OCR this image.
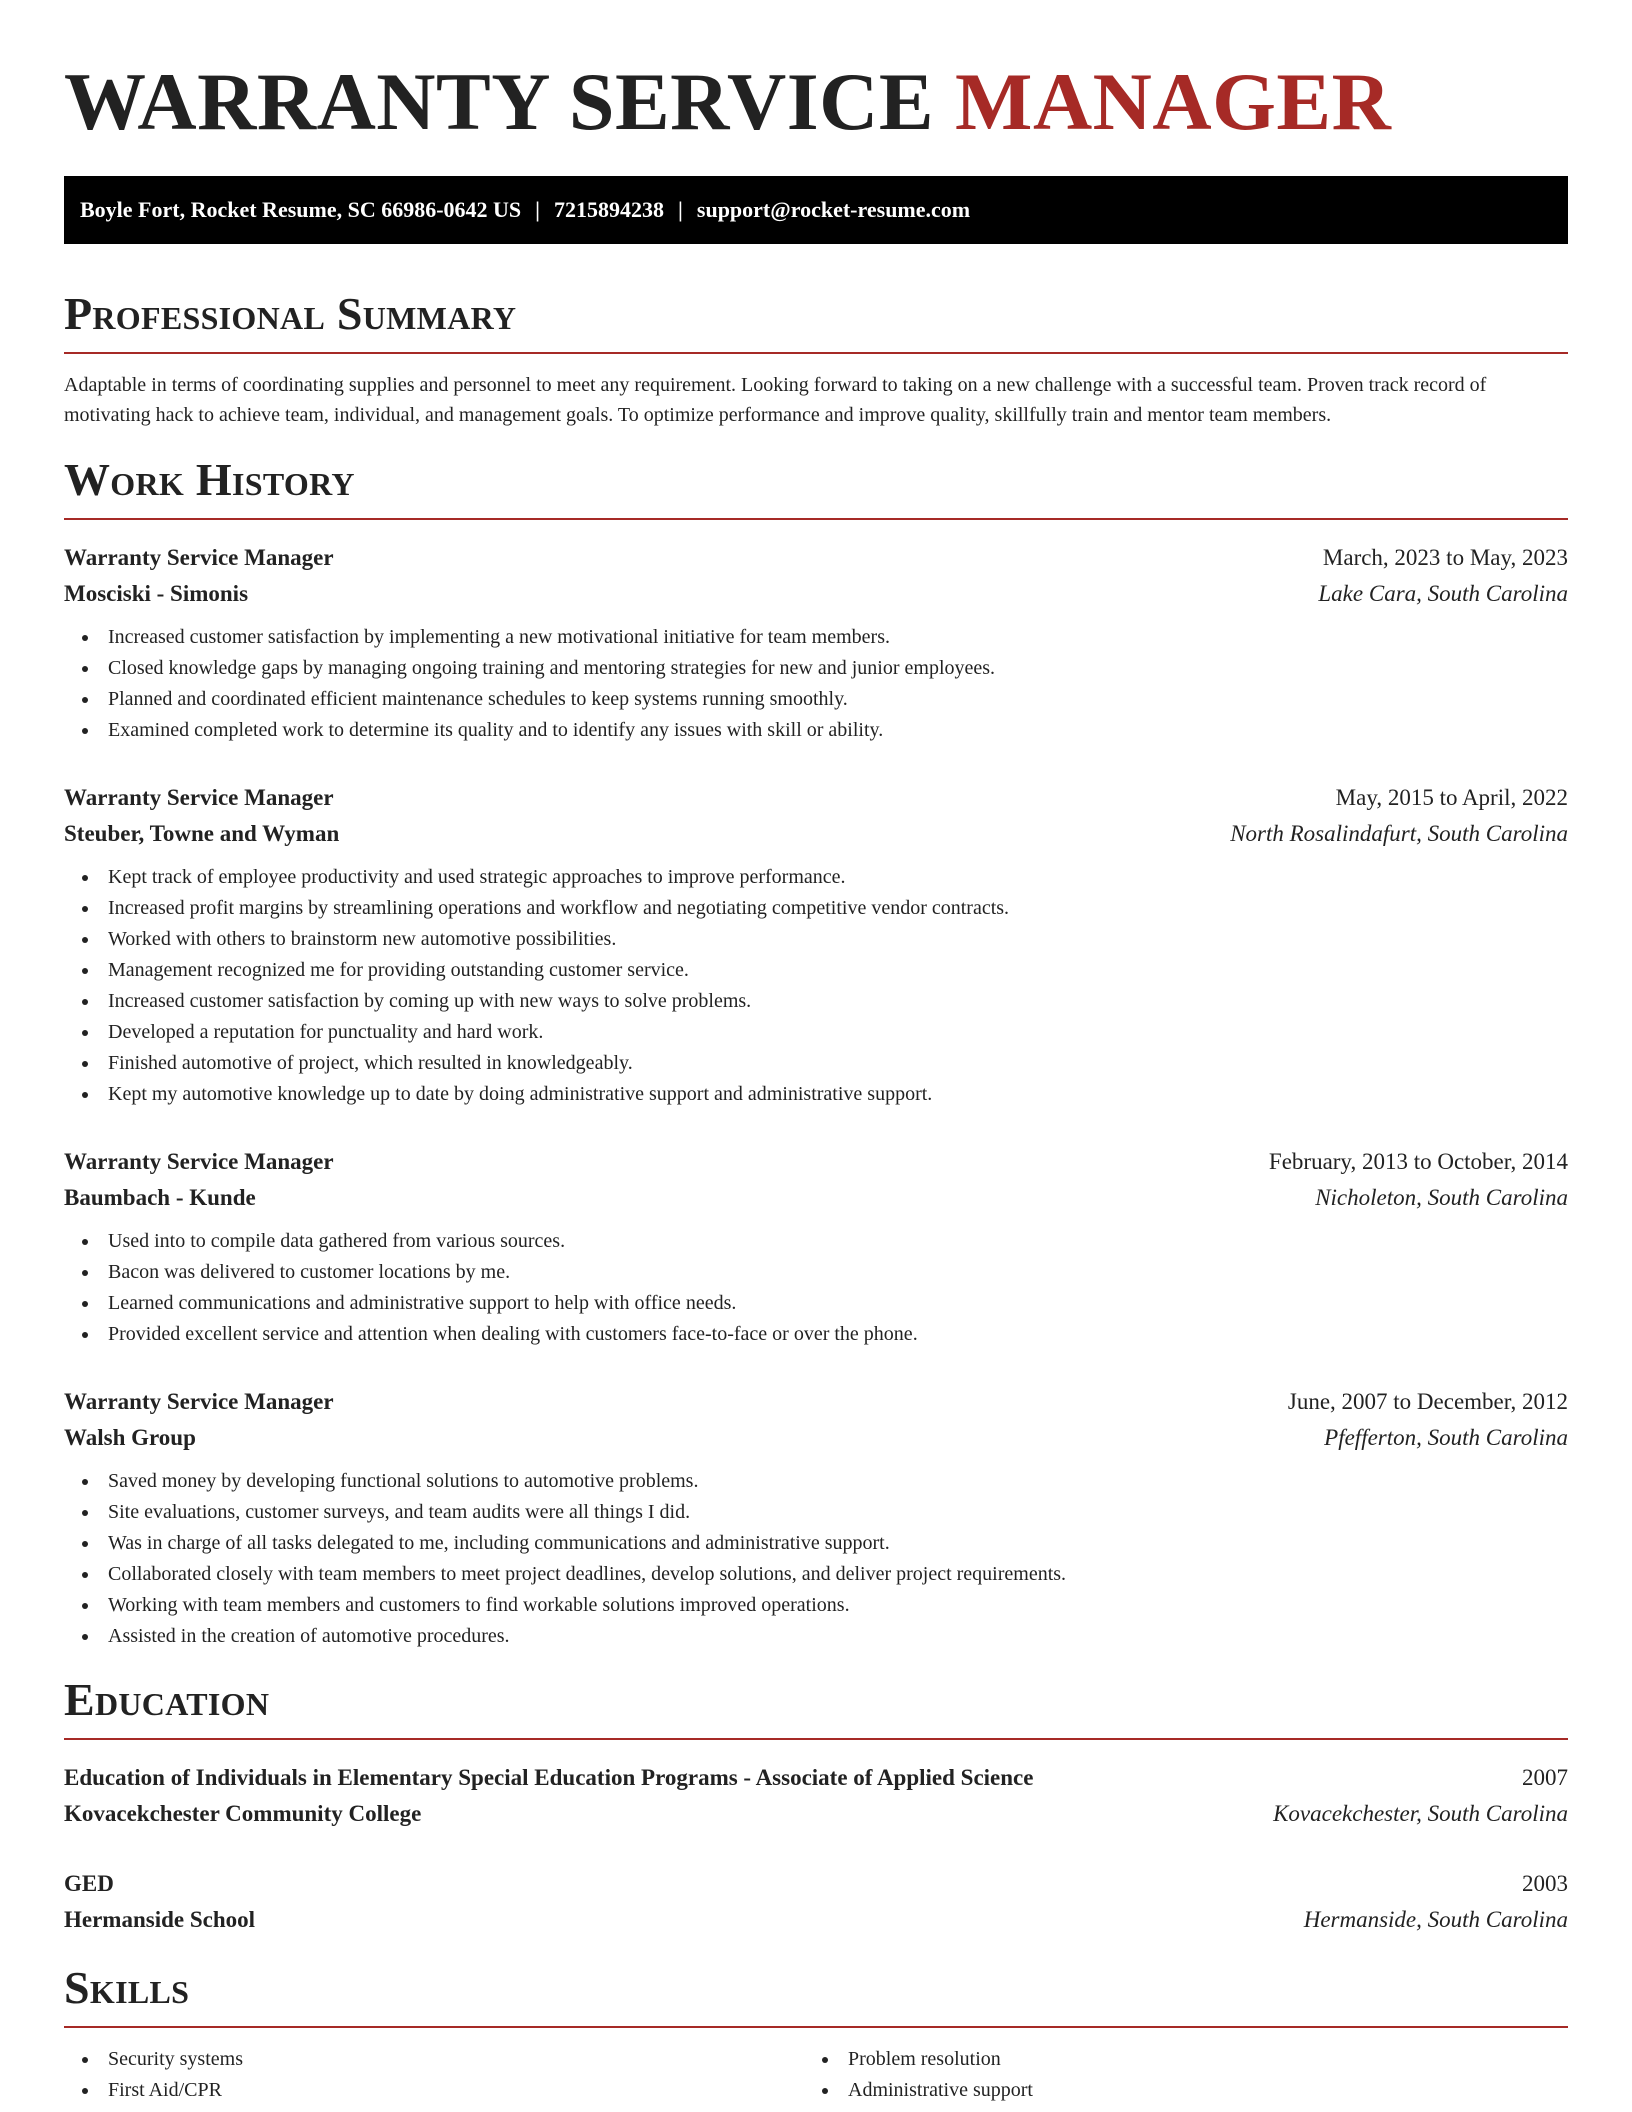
WARRANTY SERVICE MANAGER
Boyle Fort, Rocket Resume, SC 66986-0642 US | 7215894238 | support@rocket-resume.com
Professional Summary

Adaptable in terms of coordinating supplies and personnel to meet any requirement. Looking forward to taking on a new challenge with a successful team. Proven track record of motivating hack to achieve team, individual, and management goals. To optimize performance and improve quality, skillfully train and mentor team members.

Work History
Warranty Service Manager	March, 2023 to May, 2023
Mosciski - Simonis	Lake Cara, South Carolina
Increased customer satisfaction by implementing a new motivational initiative for team members.
Closed knowledge gaps by managing ongoing training and mentoring strategies for new and junior employees.
Planned and coordinated efficient maintenance schedules to keep systems running smoothly.
Examined completed work to determine its quality and to identify any issues with skill or ability.
Warranty Service Manager	May, 2015 to April, 2022
Steuber, Towne and Wyman	North Rosalindafurt, South Carolina
Kept track of employee productivity and used strategic approaches to improve performance.
Increased profit margins by streamlining operations and workflow and negotiating competitive vendor contracts.
Worked with others to brainstorm new automotive possibilities.
Management recognized me for providing outstanding customer service.
Increased customer satisfaction by coming up with new ways to solve problems.
Developed a reputation for punctuality and hard work.
Finished automotive of project, which resulted in knowledgeably.
Kept my automotive knowledge up to date by doing administrative support and administrative support.
Warranty Service Manager	February, 2013 to October, 2014
Baumbach - Kunde	Nicholeton, South Carolina
Used into to compile data gathered from various sources.
Bacon was delivered to customer locations by me.
Learned communications and administrative support to help with office needs.
Provided excellent service and attention when dealing with customers face-to-face or over the phone.
Warranty Service Manager	June, 2007 to December, 2012
Walsh Group	Pfefferton, South Carolina
Saved money by developing functional solutions to automotive problems.
Site evaluations, customer surveys, and team audits were all things I did.
Was in charge of all tasks delegated to me, including communications and administrative support.
Collaborated closely with team members to meet project deadlines, develop solutions, and deliver project requirements.
Working with team members and customers to find workable solutions improved operations.
Assisted in the creation of automotive procedures.
Education
Education of Individuals in Elementary Special Education Programs - Associate of Applied Science	2007
Kovacekchester Community College	Kovacekchester, South Carolina
GED	2003
Hermanside School	Hermanside, South Carolina
Skills
Security systems
First Aid/CPR
Problem resolution
Administrative support
